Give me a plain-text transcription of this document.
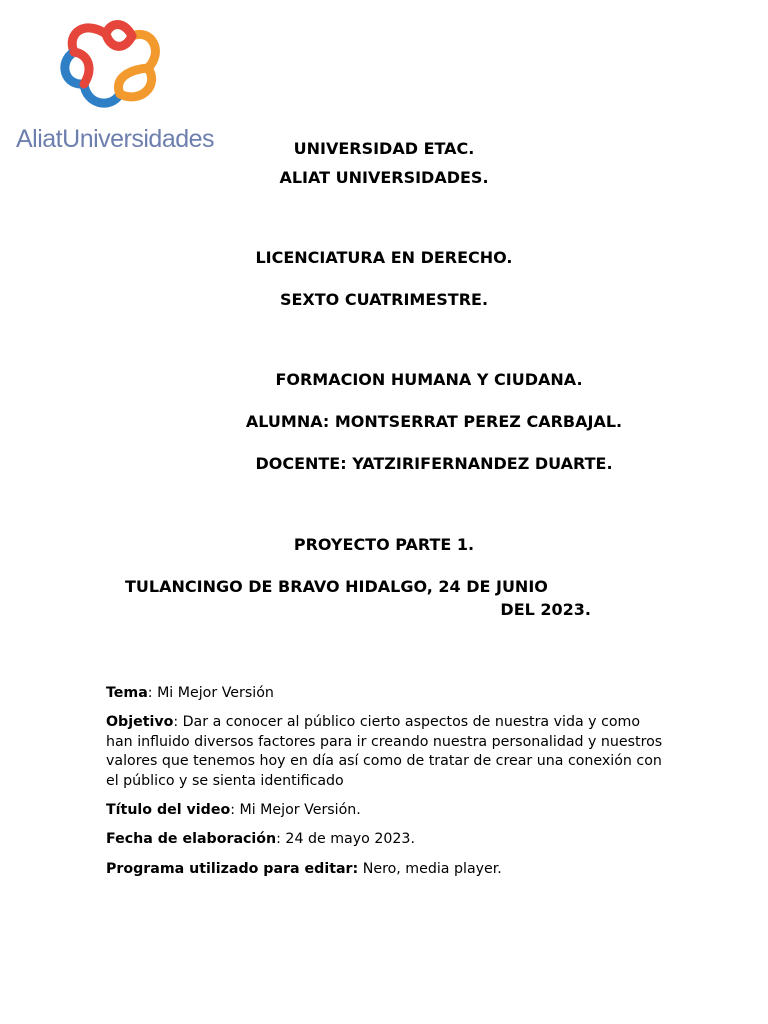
AliatUniversidades	UNIVERSIDAD ETAC.
ALIAT UNIVERSIDADES.
LICENCIATURA EN DERECHO.
SEXTO CUATRIMESTRE.
FORMACION HUMANA Y CIUDANA.
ALUMNA: MONTSERRAT PEREZ CARBAJAL.
DOCENTE: YATZIRIFERNANDEZ DUARTE.
PROYECTO PARTE 1.
TULANCINGO DE BRAVO HIDALGO, 24 DE JUNIO
DEL 2023.
Tema: Mi Mejor Versión
Objetivo: Dar a conocer al público cierto aspectos de nuestra vida y como han influido diversos factores para ir creando nuestra personalidad y nuestros valores que tenemos hoy en día así como de tratar de crear una conexión con el público y se sienta identificado
Título del video: Mi Mejor Versión.
Fecha de elaboración: 24 de mayo 2023.
Programa utilizado para editar: Nero, media player.
